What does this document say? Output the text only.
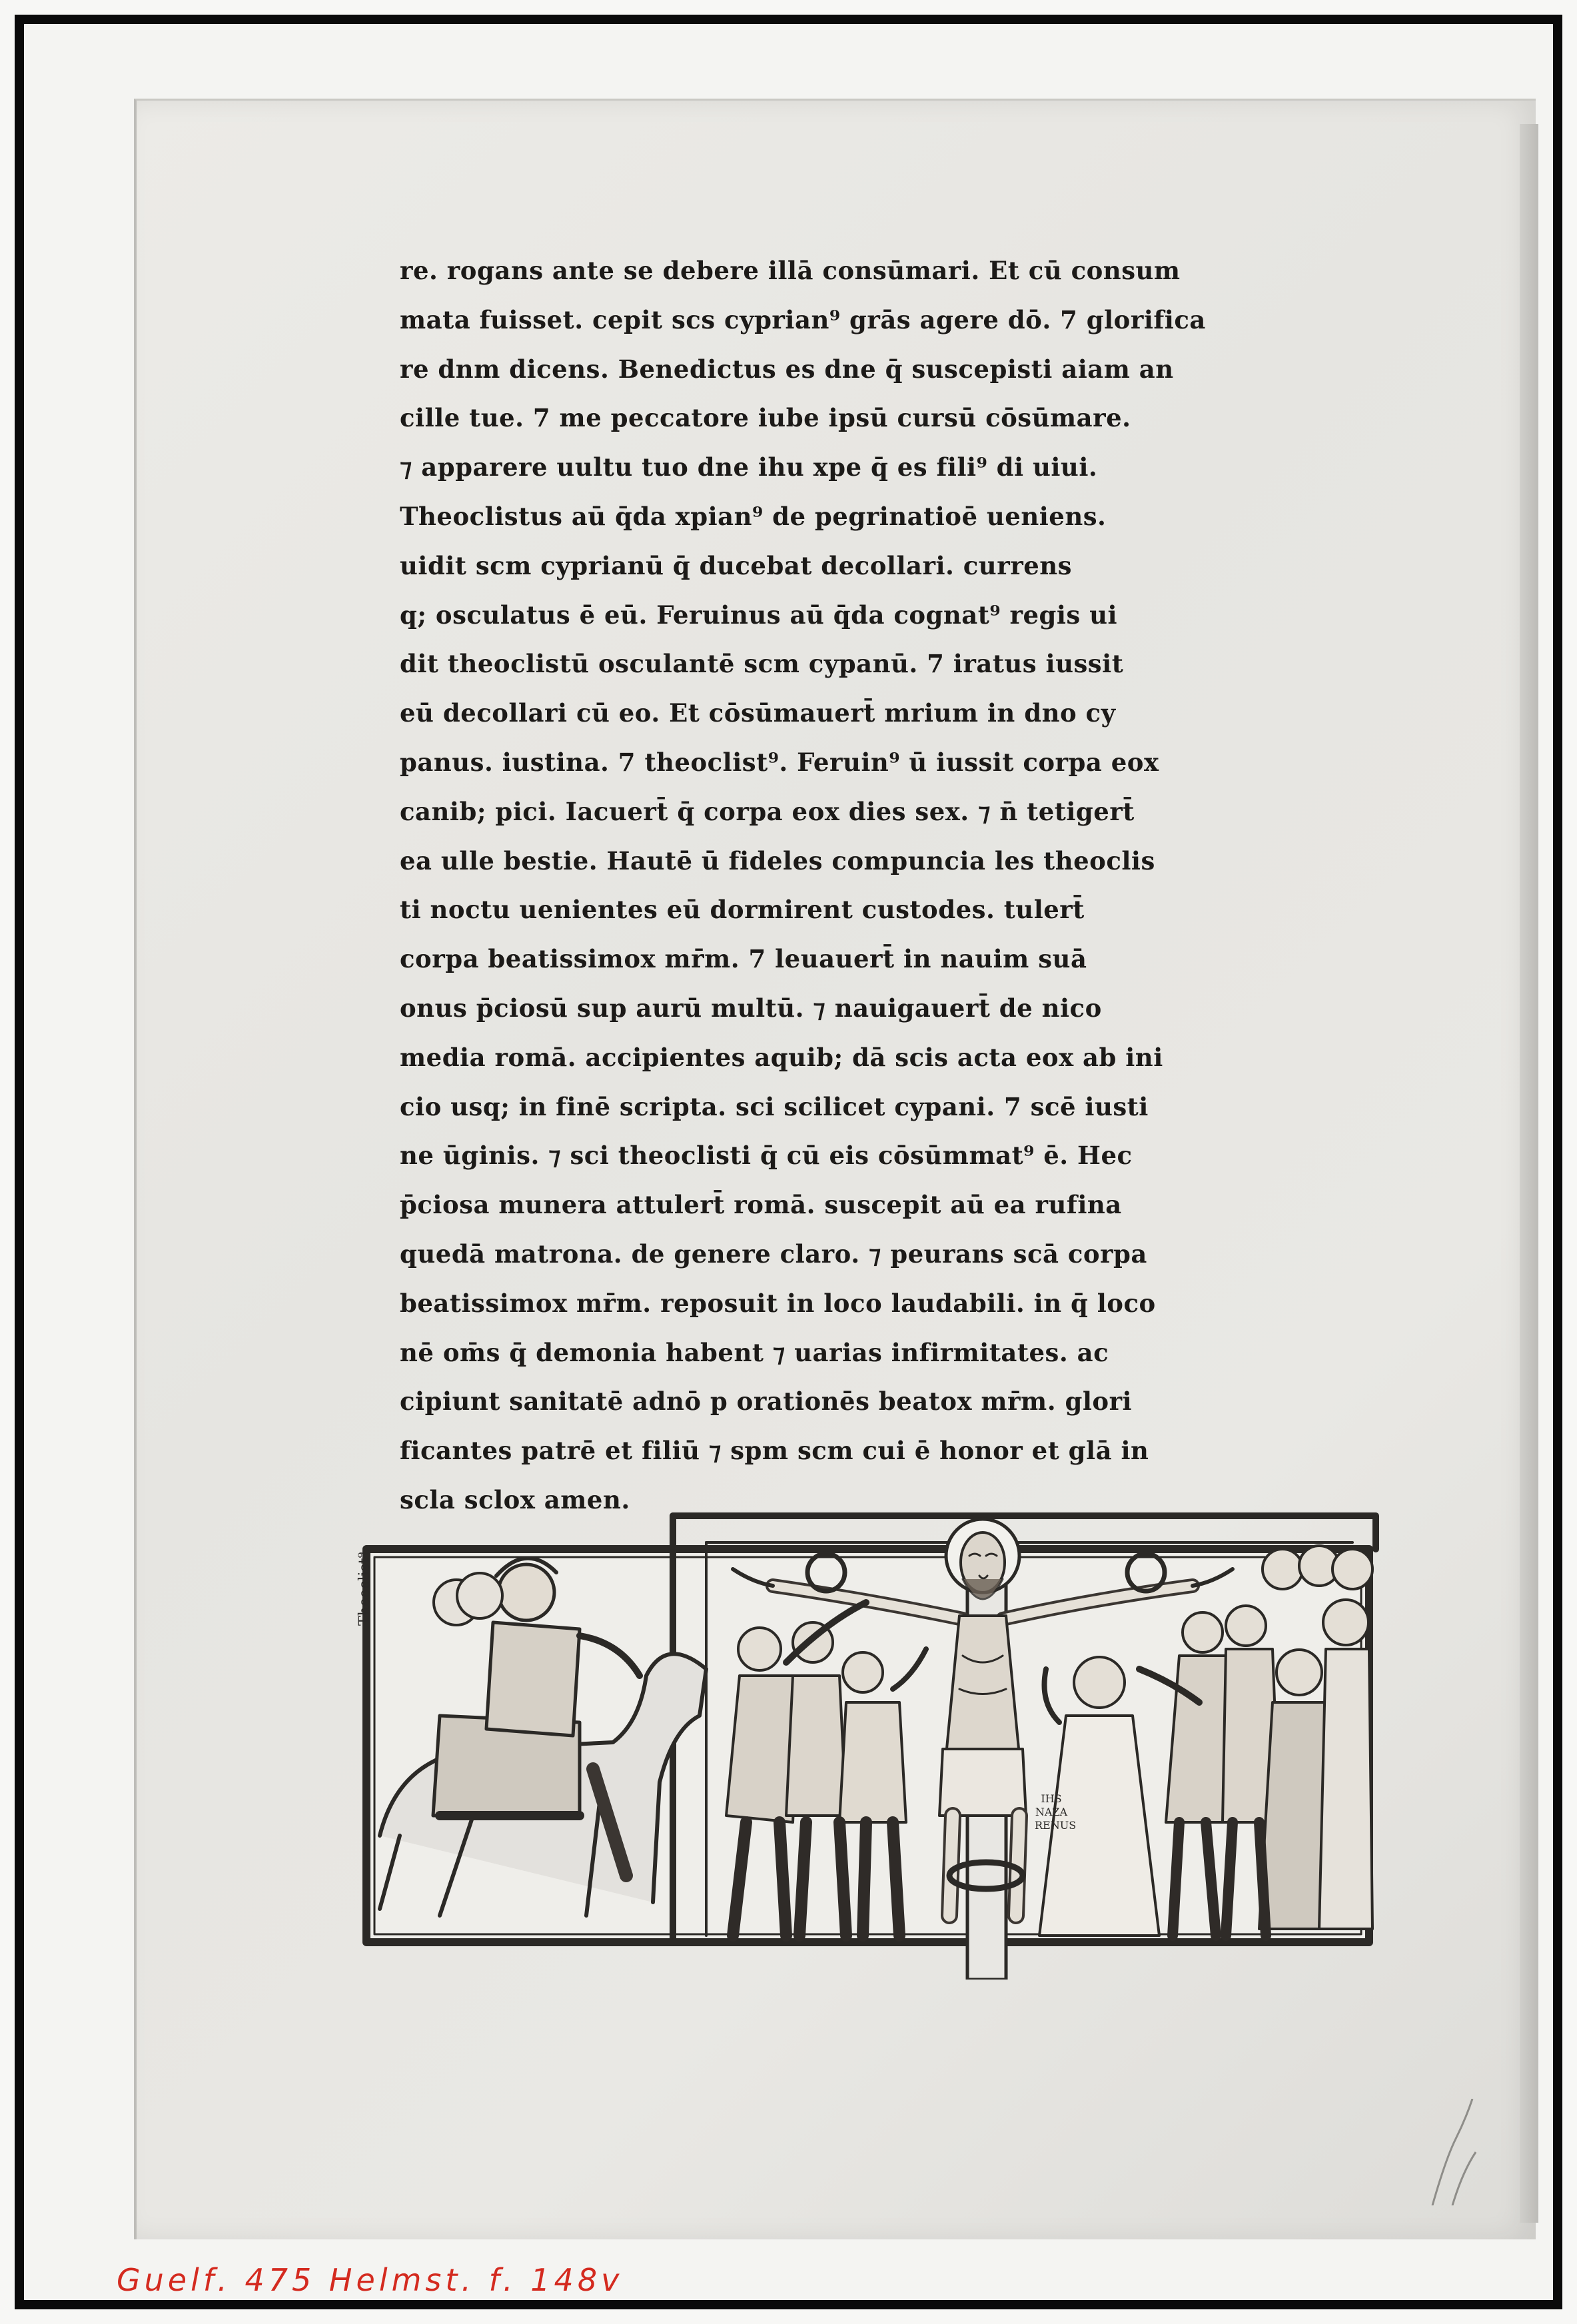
re. rogans ante se debere illā consūmari. Et cū consum
mata fuisset. cepit scs cyprian⁹ grās agere dō. 7 glorifica
re dnm dicens. Benedictus es dne q̄ suscepisti aiam an
cille tue. 7 me peccatore iube ipsū cursū cōsūmare.
⁊ apparere uultu tuo dne ihu xpe q̄ es fili⁹ di uiui.
Theoclistus aū q̄da xpian⁹ de pegrinatioē ueniens.
uidit scm cyprianū q̄ ducebat decollari. currens
q; osculatus ē eū. Feruinus aū q̄da cognat⁹ regis ui
dit theoclistū osculantē scm cypanū. 7 iratus iussit
eū decollari cū eo. Et cōsūmauert̄ mrium in dno cy
panus. iustina. 7 theoclist⁹. Feruin⁹ ū iussit corpa eox
canib; pici. Iacuert̄ q̄ corpa eox dies sex. ⁊ n̄ tetigert̄
ea ulle bestie. Hautē ū fideles compuncia les theoclis
ti noctu uenientes eū dormirent custodes. tulert̄
corpa beatissimox mr̄m. 7 leuauert̄ in nauim suā
onus p̄ciosū sup aurū multū. ⁊ nauigauert̄ de nico
media romā. accipientes aquib; dā scis acta eox ab ini
cio usq; in finē scripta. sci scilicet cypani. 7 scē iusti
ne ūginis. ⁊ sci theoclisti q̄ cū eis cōsūmmat⁹ ē. Hec
p̄ciosa munera attulert̄ romā. suscepit aū ea rufina
quedā matrona. de genere claro. ⁊ peurans scā corpa
beatissimox mr̄m. reposuit in loco laudabili. in q̄ loco
nē om̄s q̄ demonia habent ⁊ uarias infirmitates. ac
cipiunt sanitatē adnō p orationēs beatox mr̄m. glori
ficantes patrē et filiū ⁊ spm scm cui ē honor et glā in
scla sclox amen.
Theoclist⁹
IHS NAZA RENUS
Guelf. 475 Helmst. f. 148v
